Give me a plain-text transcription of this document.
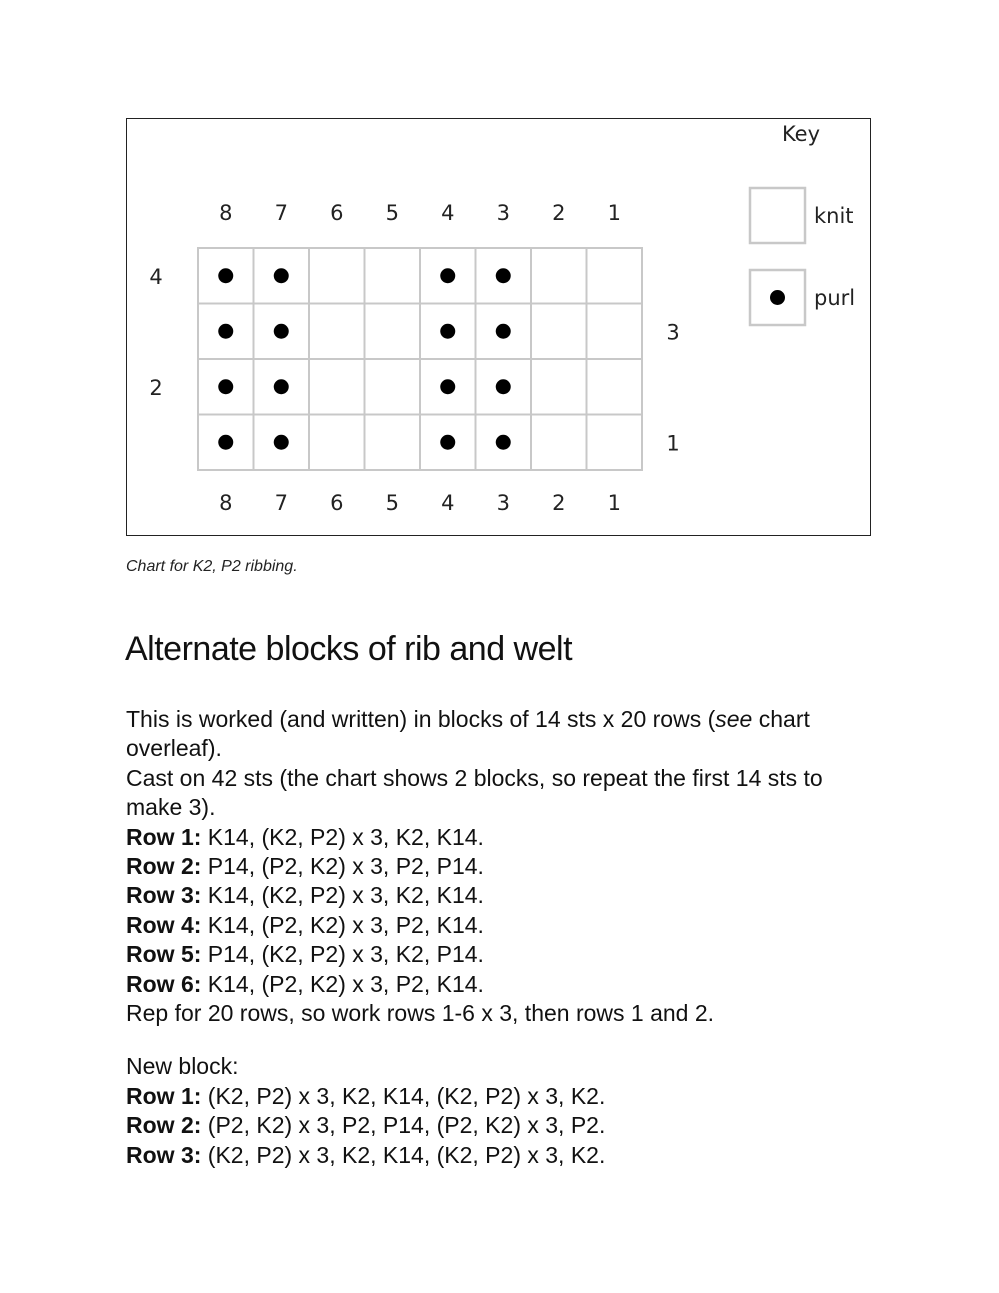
Key
8 7 6 5 4 3 2 1
8 7 6 5 4 3 2 1
4
2
3
1
knit
purl
Chart for K2, P2 ribbing.
Alternate blocks of rib and welt

This is worked (and written) in blocks of 14 sts x 20 rows (see chart overleaf).

Cast on 42 sts (the chart shows 2 blocks, so repeat the first 14 sts to make 3).

Row 1: K14, (K2, P2) x 3, K2, K14.

Row 2: P14, (P2, K2) x 3, P2, P14.

Row 3: K14, (K2, P2) x 3, K2, K14.

Row 4: K14, (P2, K2) x 3, P2, K14.

Row 5: P14, (K2, P2) x 3, K2, P14.

Row 6: K14, (P2, K2) x 3, P2, K14.

Rep for 20 rows, so work rows 1-6 x 3, then rows 1 and 2.

New block:

Row 1: (K2, P2) x 3, K2, K14, (K2, P2) x 3, K2.

Row 2: (P2, K2) x 3, P2, P14, (P2, K2) x 3, P2.

Row 3: (K2, P2) x 3, K2, K14, (K2, P2) x 3, K2.
